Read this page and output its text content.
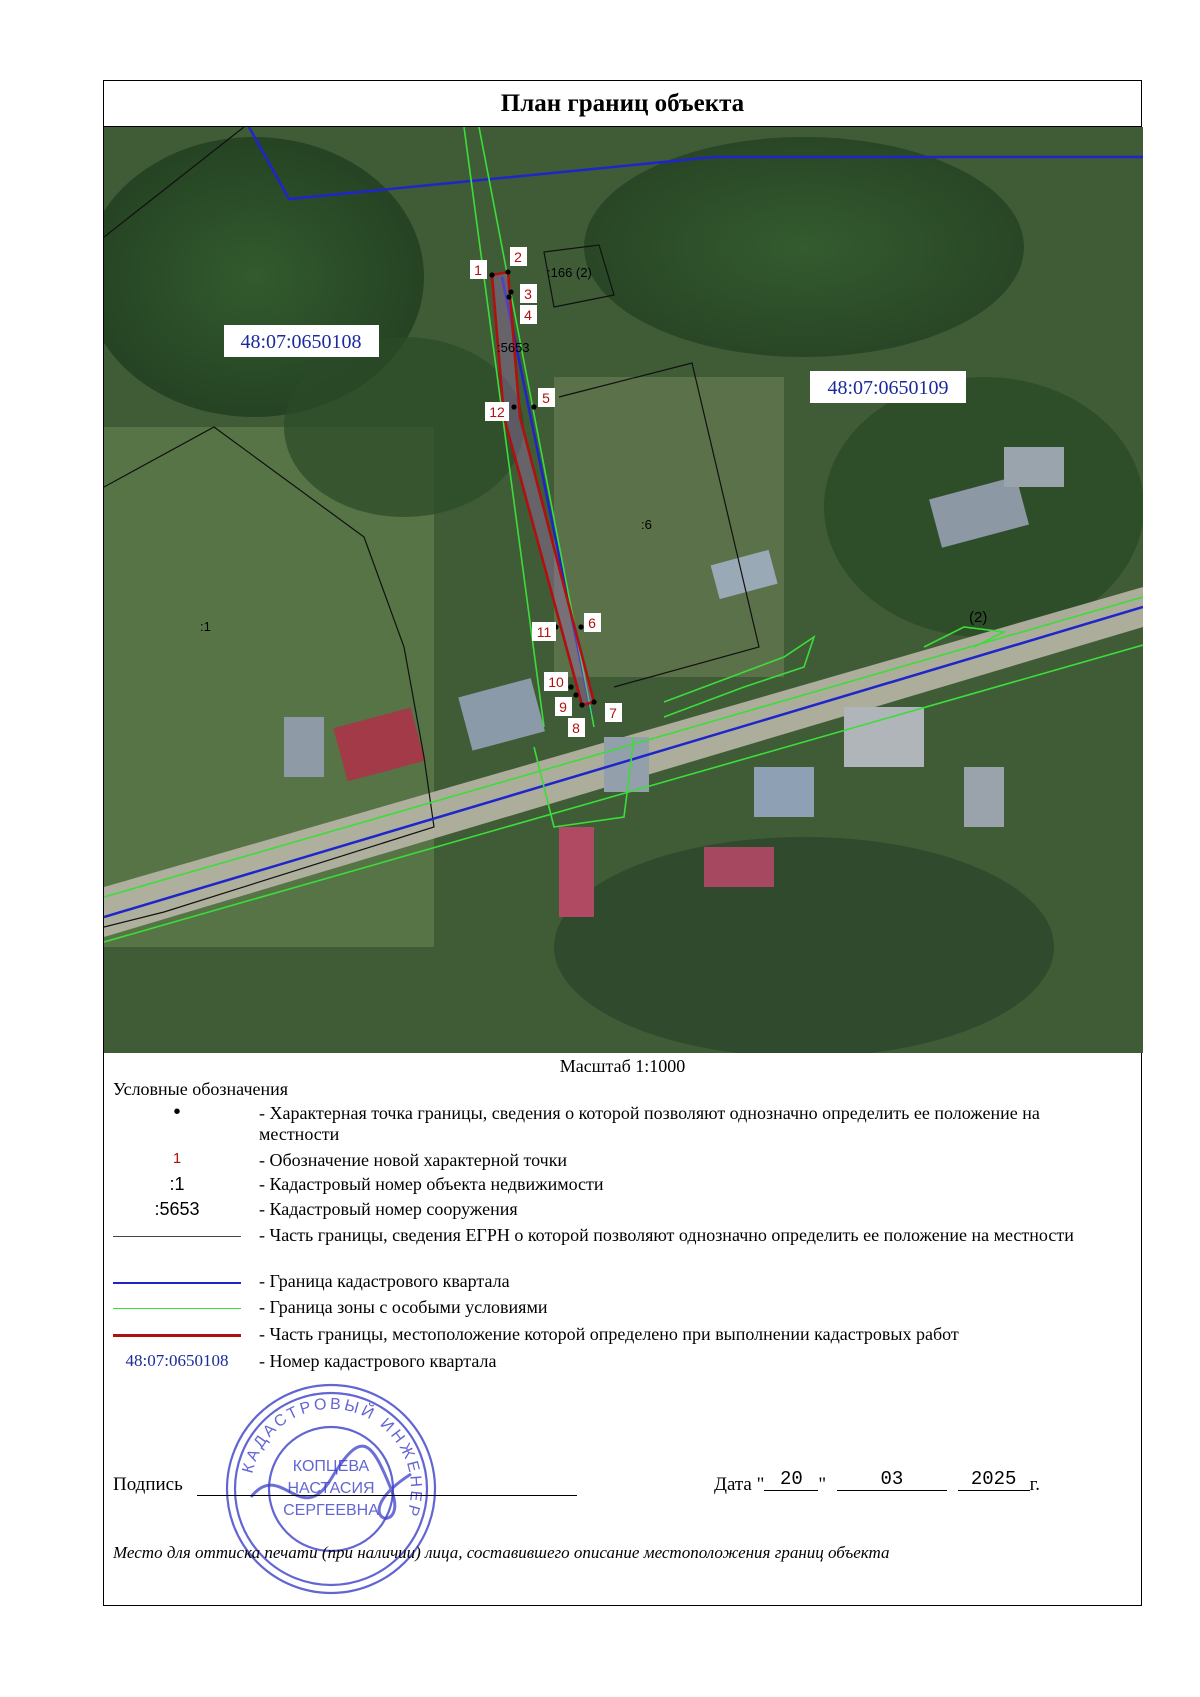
План границ объекта
1
2
3
4
5
6
7
8
9
10
11
12
:166 (2)
:5653
:6
:1
(2)
48:07:0650108
48:07:0650109
Масштаб 1:1000
Условные обозначения
•	- Характерная точка границы, сведения о которой позволяют однозначно определить ее положение на местности
1	- Обозначение новой характерной точки
:1	- Кадастровый номер объекта недвижимости
:5653	- Кадастровый номер сооружения
- Часть границы, сведения ЕГРН о которой позволяют однозначно определить ее положение на местности
- Граница кадастрового квартала
- Граница зоны с особыми условиями
- Часть границы, местоположение которой определено при выполнении кадастровых работ
48:07:0650108	- Номер кадастрового квартала
КАДАСТРОВЫЙ ИНЖЕНЕР
КОПЦЕВА
НАСТАСИЯ
СЕРГЕЕВНА
Подпись	Дата " 20 "	03	2025 г.
Место для оттиска печати (при наличии) лица, составившего описание местоположения границ объекта
